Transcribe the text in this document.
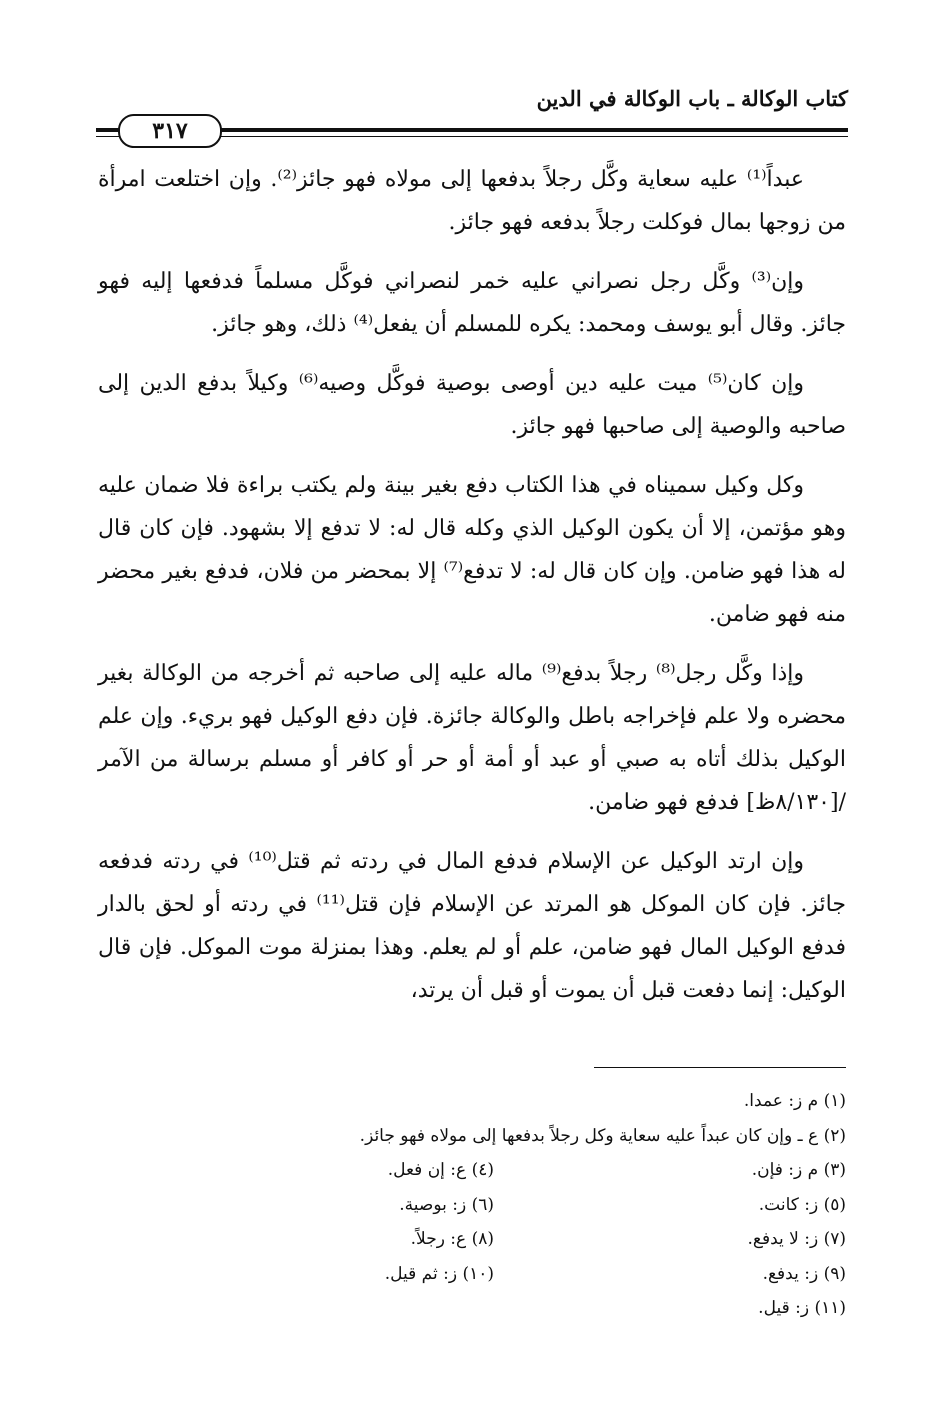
كتاب الوكالة ـ باب الوكالة في الدين
٣١٧

عبداً⁽¹⁾ عليه سعاية وكَّل رجلاً بدفعها إلى مولاه فهو جائز⁽²⁾. وإن اختلعت امرأة من زوجها بمال فوكلت رجلاً بدفعه فهو جائز.

وإن⁽³⁾ وكَّل رجل نصراني عليه خمر لنصراني فوكَّل مسلماً فدفعها إليه فهو جائز. وقال أبو يوسف ومحمد: يكره للمسلم أن يفعل⁽⁴⁾ ذلك، وهو جائز.

وإن كان⁽⁵⁾ ميت عليه دين أوصى بوصية فوكَّل وصيه⁽⁶⁾ وكيلاً بدفع الدين إلى صاحبه والوصية إلى صاحبها فهو جائز.

وكل وكيل سميناه في هذا الكتاب دفع بغير بينة ولم يكتب براءة فلا ضمان عليه وهو مؤتمن، إلا أن يكون الوكيل الذي وكله قال له: لا تدفع إلا بشهود. فإن كان قال له هذا فهو ضامن. وإن كان قال له: لا تدفع⁽⁷⁾ إلا بمحضر من فلان، فدفع بغير محضر منه فهو ضامن.

وإذا وكَّل رجل⁽⁸⁾ رجلاً بدفع⁽⁹⁾ ماله عليه إلى صاحبه ثم أخرجه من الوكالة بغير محضره ولا علم فإخراجه باطل والوكالة جائزة. فإن دفع الوكيل فهو بريء. وإن علم الوكيل بذلك أتاه به صبي أو عبد أو أمة أو حر أو كافر أو مسلم برسالة من الآمر /[٨/١٣٠ظ] فدفع فهو ضامن.

وإن ارتد الوكيل عن الإسلام فدفع المال في ردته ثم قتل⁽¹⁰⁾ في ردته فدفعه جائز. فإن كان الموكل هو المرتد عن الإسلام فإن قتل⁽¹¹⁾ في ردته أو لحق بالدار فدفع الوكيل المال فهو ضامن، علم أو لم يعلم. وهذا بمنزلة موت الموكل. فإن قال الوكيل: إنما دفعت قبل أن يموت أو قبل أن يرتد،

(١) م ز: عمدا.
(٢) ع ـ وإن كان عبداً عليه سعاية وكل رجلاً بدفعها إلى مولاه فهو جائز.
(٣) م ز: فإن.
(٤) ع: إن فعل.
(٥) ز: كانت.
(٦) ز: بوصية.
(٧) ز: لا يدفع.
(٨) ع: رجلاً.
(٩) ز: يدفع.
(١٠) ز: ثم قيل.
(١١) ز: قيل.
